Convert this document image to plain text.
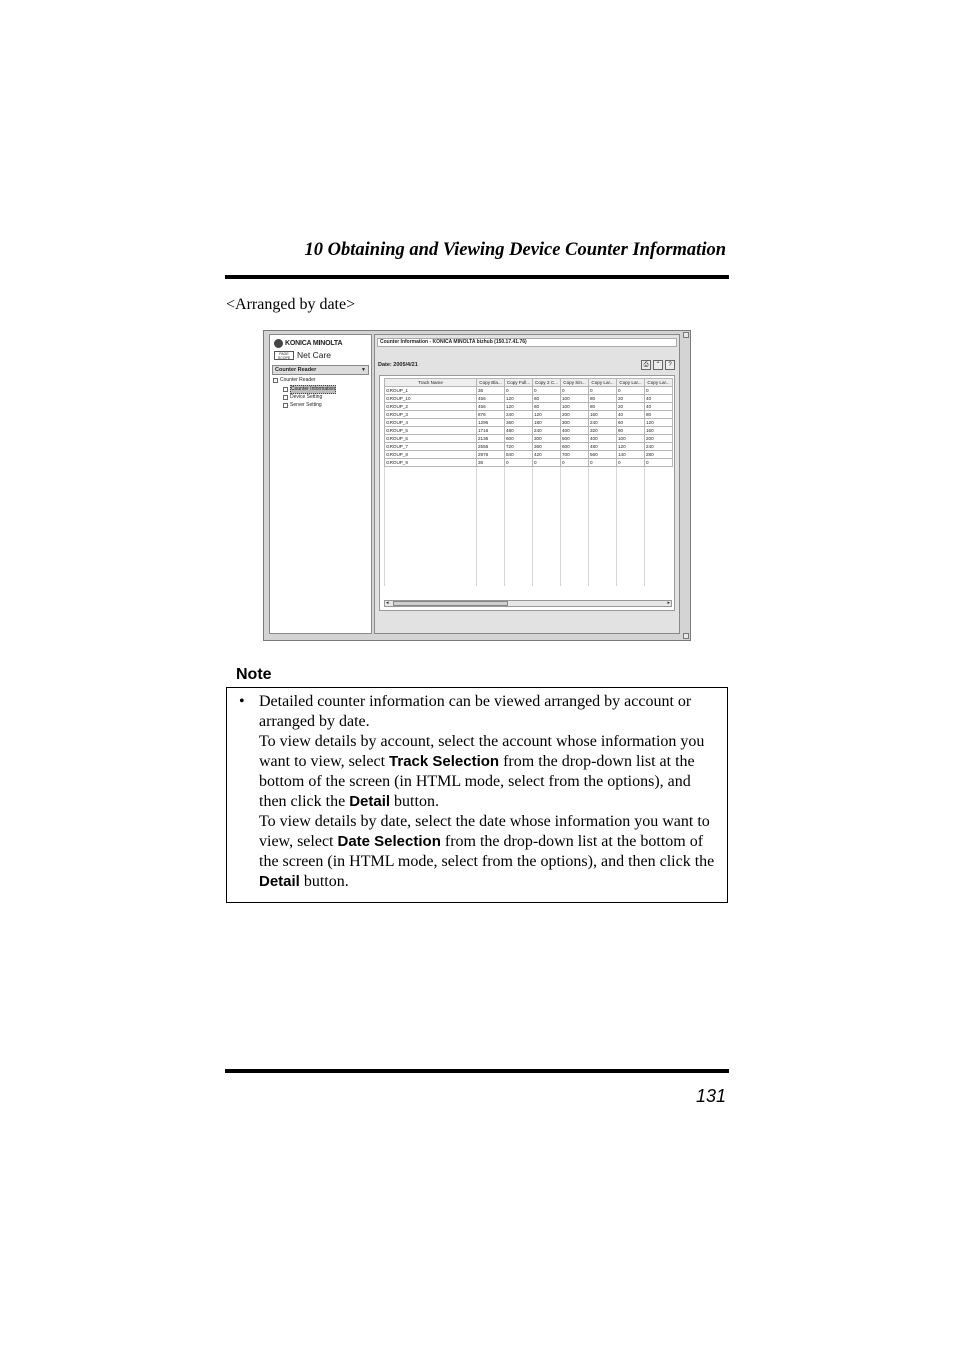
10 Obtaining and Viewing Device Counter Information
<Arranged by date>
KONICA MINOLTA
PAGE SCOPE Net Care
Counter Reader	▼
Counter Reader
Counter Information
Device Setting
Server Setting
Counter Information - KONICA MINOLTA bizhub (150.17.41.76)
Date: 2005/4/21	⎙	⌃	?
Track Name	Copy Bla...	Copy Full...	Copy 2 C...	Copy Sin...	Copy Lar...	Copy Lar...	Copy Lar...
GROUP_1	36	0	0	0	0	0	0
GROUP_10	456	120	60	100	80	20	40
GROUP_2	456	120	60	100	80	20	40
GROUP_3	876	240	120	200	160	40	80
GROUP_4	1296	360	180	300	240	60	120
GROUP_5	1716	480	240	400	320	80	160
GROUP_6	2136	600	300	500	400	100	200
GROUP_7	2556	720	360	600	480	120	240
GROUP_8	2976	840	420	700	560	140	280
GROUP_9	36	0	0	0	0	0	0

◂	▸
Note
• Detailed counter information can be viewed arranged by account or arranged by date.

To view details by account, select the account whose information you want to view, select Track Selection from the drop-down list at the bottom of the screen (in HTML mode, select from the options), and then click the Detail button.

To view details by date, select the date whose information you want to view, select Date Selection from the drop-down list at the bottom of the screen (in HTML mode, select from the options), and then click the Detail button.

131
